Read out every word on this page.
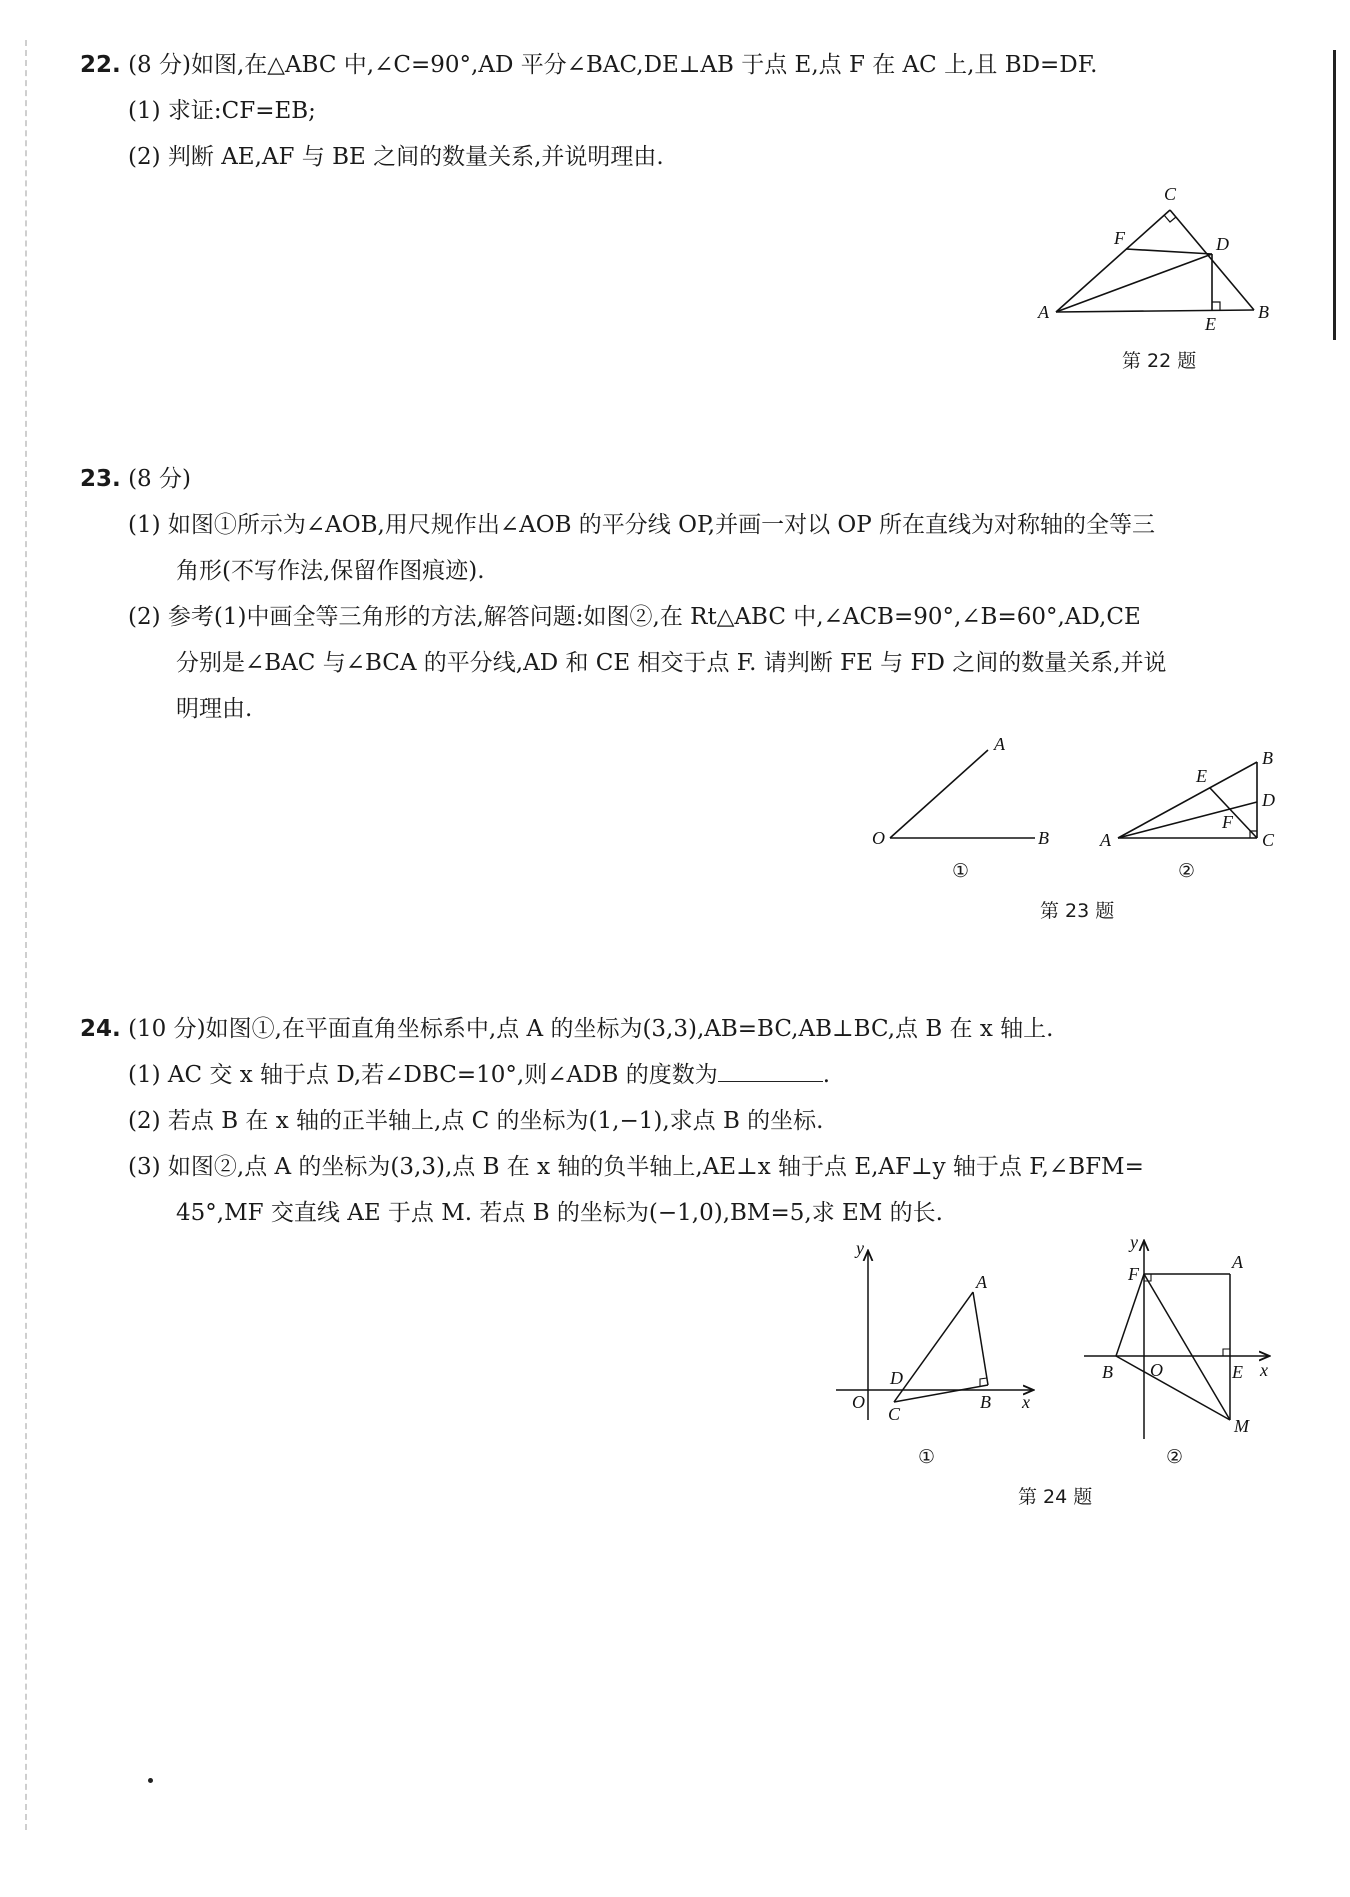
22. (8 分)如图,在△ABC 中,∠C=90°,AD 平分∠BAC,DE⊥AB 于点 E,点 F 在 AC 上,且 BD=DF.
(1) 求证:CF=EB;
(2) 判断 AE,AF 与 BE 之间的数量关系,并说明理由.
C
F	D
A
E
B
第 22 题
23. (8 分)
(1) 如图①所示为∠AOB,用尺规作出∠AOB 的平分线 OP,并画一对以 OP 所在直线为对称轴的全等三
角形(不写作法,保留作图痕迹).
(2) 参考(1)中画全等三角形的方法,解答问题:如图②,在 Rt△ABC 中,∠ACB=90°,∠B=60°,AD,CE
分别是∠BAC 与∠BCA 的平分线,AD 和 CE 相交于点 F. 请判断 FE 与 FD 之间的数量关系,并说
明理由.
A
O	B
①
B
E
D
F
A	C
②
第 23 题
24. (10 分)如图①,在平面直角坐标系中,点 A 的坐标为(3,3),AB=BC,AB⊥BC,点 B 在 x 轴上.
(1) AC 交 x 轴于点 D,若∠DBC=10°,则∠ADB 的度数为	.
(2) 若点 B 在 x 轴的正半轴上,点 C 的坐标为(1,−1),求点 B 的坐标.
(3) 如图②,点 A 的坐标为(3,3),点 B 在 x 轴的负半轴上,AE⊥x 轴于点 E,AF⊥y 轴于点 F,∠BFM=
45°,MF 交直线 AE 于点 M. 若点 B 的坐标为(−1,0),BM=5,求 EM 的长.
y
A
D
O
C
B x
①
y
F
A
B O	E x
M
②
第 24 题
